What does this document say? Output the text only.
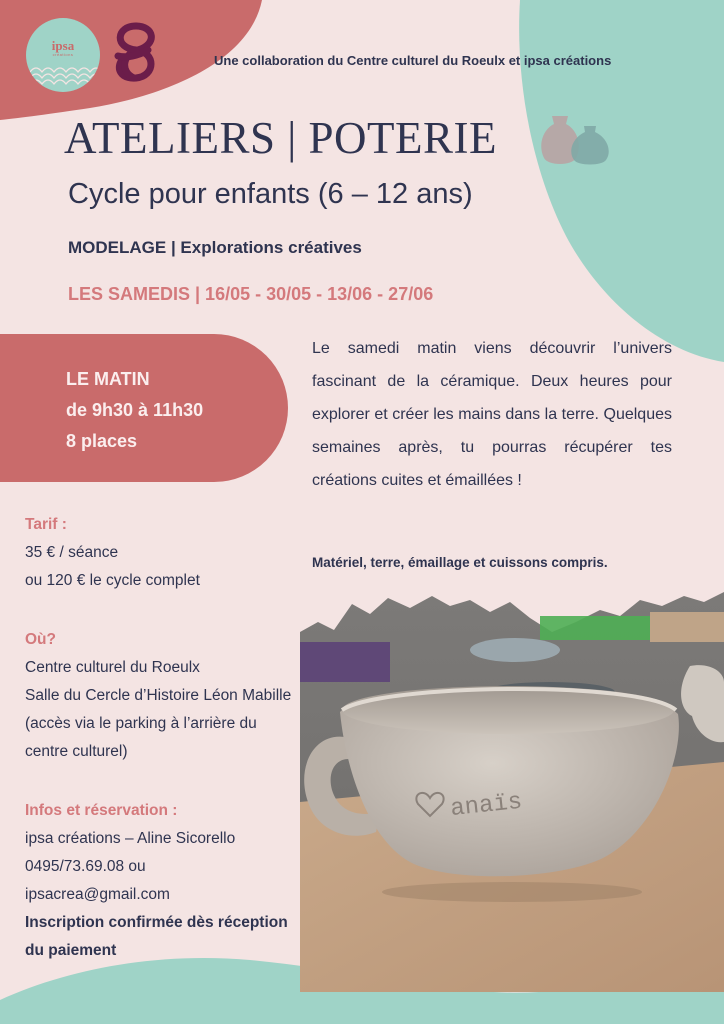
ipsa
créations	Une collaboration du Centre culturel du Roeulx et ipsa créations
ATELIERS | POTERIE
Cycle pour enfants (6 – 12 ans)
MODELAGE | Explorations créatives
LES SAMEDIS | 16/05 - 30/05 - 13/06 - 27/06
LE MATIN
de 9h30 à 11h30
8 places
Le samedi matin viens découvrir l’univers fascinant de la céramique. Deux heures pour explorer et créer les mains dans la terre. Quelques semaines après, tu pourras récupérer tes créations cuites et émaillées !
Matériel, terre, émaillage et cuissons compris.
Tarif :
35 € / séance
ou 120 € le cycle complet
Où?
Centre culturel du Roeulx
Salle du Cercle d’Histoire Léon Mabille (accès via le parking à l’arrière du centre culturel)
Infos et réservation :
ipsa créations – Aline Sicorello
0495/73.69.08 ou
ipsacrea@gmail.com
Inscription confirmée dès réception du paiement
anaïs
